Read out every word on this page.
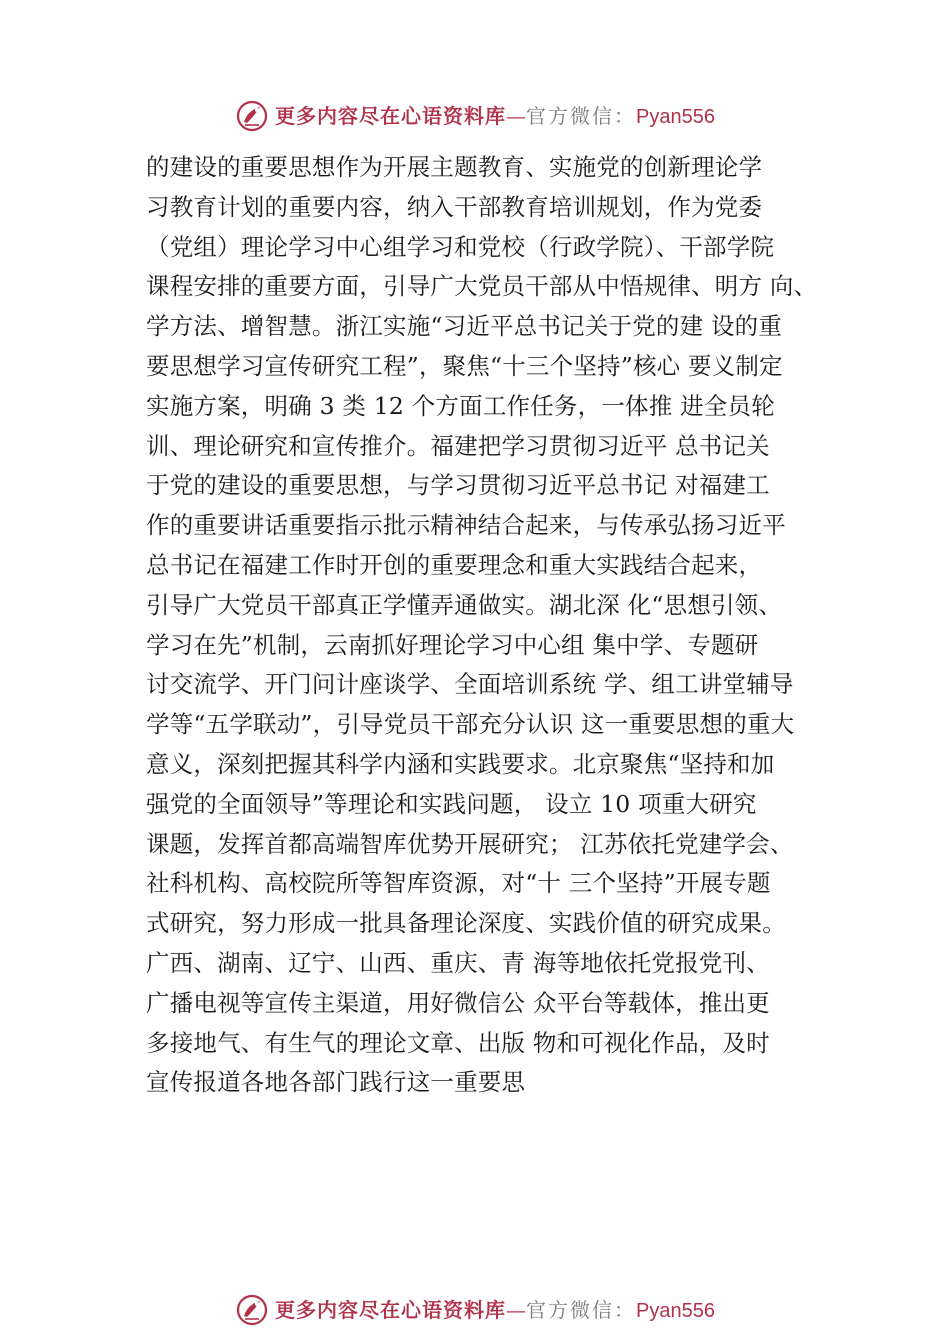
更多内容尽在心语资料库 — 官方微信： Pyan556
的建设的重要思想作为开展主题教育、实施党的创新理论学
习教育计划的重要内容，纳入干部教育培训规划，作为党委
（党组）理论学习中心组学习和党校（行政学院）、干部学院
课程安排的重要方面，引导广大党员干部从中悟规律、明方 向、
学方法、增智慧。浙江实施“习近平总书记关于党的建 设的重
要思想学习宣传研究工程”，聚焦“十三个坚持”核心 要义制定
实施方案，明确 3 类 12 个方面工作任务，一体推 进全员轮
训、理论研究和宣传推介。福建把学习贯彻习近平 总书记关
于党的建设的重要思想，与学习贯彻习近平总书记 对福建工
作的重要讲话重要指示批示精神结合起来，与传承弘扬习近平
总书记在福建工作时开创的重要理念和重大实践结合起来，
引导广大党员干部真正学懂弄通做实。湖北深 化“思想引领、
学习在先”机制，云南抓好理论学习中心组 集中学、专题研
讨交流学、开门问计座谈学、全面培训系统 学、组工讲堂辅导
学等“五学联动”，引导党员干部充分认识 这一重要思想的重大
意义，深刻把握其科学内涵和实践要求。北京聚焦“坚持和加
强党的全面领导”等理论和实践问题， 设立 10 项重大研究
课题，发挥首都高端智库优势开展研究； 江苏依托党建学会、
社科机构、高校院所等智库资源，对“十 三个坚持”开展专题
式研究，努力形成一批具备理论深度、实践价值的研究成果。
广西、湖南、辽宁、山西、重庆、青 海等地依托党报党刊、
广播电视等宣传主渠道，用好微信公 众平台等载体，推出更
多接地气、有生气的理论文章、出版 物和可视化作品，及时
宣传报道各地各部门践行这一重要思
更多内容尽在心语资料库 — 官方微信： Pyan556
